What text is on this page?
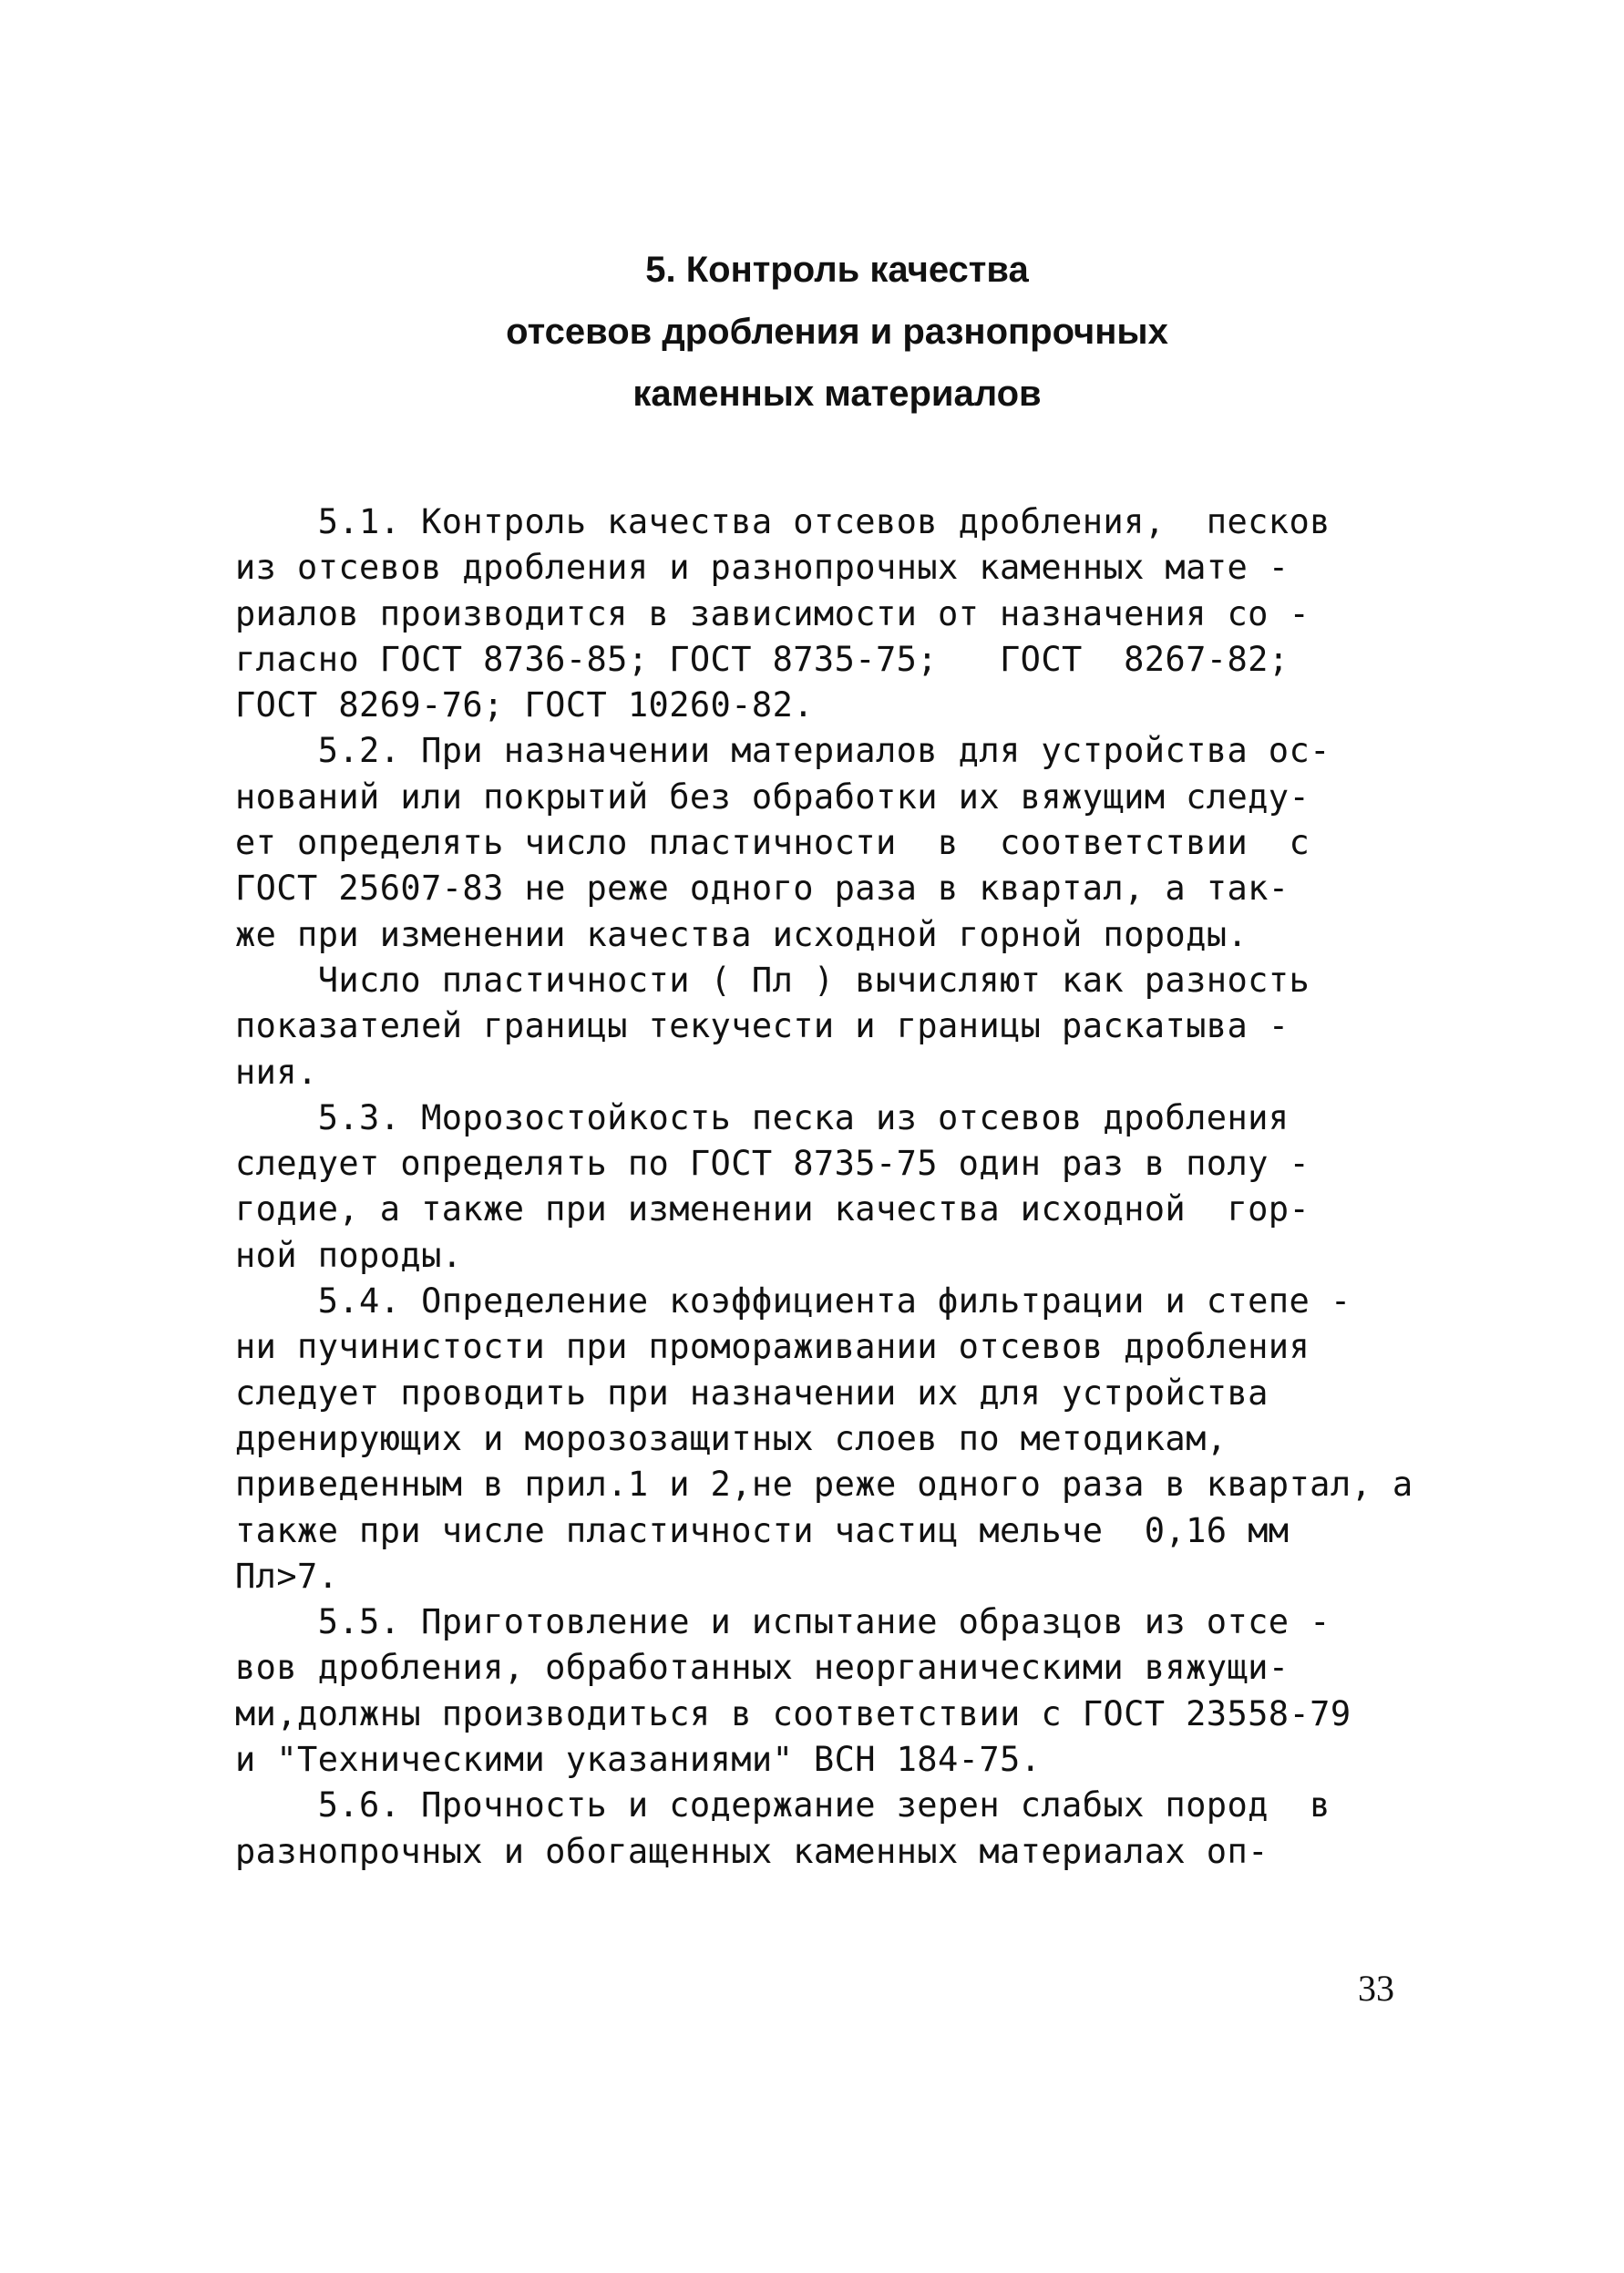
5. Контроль качества
отсевов дробления и разнопрочных
каменных материалов
5.1. Контроль качества отсевов дробления,  песков
из отсевов дробления и разнопрочных каменных мате -
риалов производится в зависимости от назначения со -
гласно ГОСТ 8736-85; ГОСТ 8735-75;   ГОСТ  8267-82;
ГОСТ 8269-76; ГОСТ 10260-82.
5.2. При назначении материалов для устройства ос-
нований или покрытий без обработки их вяжущим следу-
ет определять число пластичности  в  соответствии  с
ГОСТ 25607-83 не реже одного раза в квартал, а так-
же при изменении качества исходной горной породы.
Число пластичности ( Пл ) вычисляют как разность
показателей границы текучести и границы раскатыва -
ния.
5.3. Морозостойкость песка из отсевов дробления
следует определять по ГОСТ 8735-75 один раз в полу -
годие, а также при изменении качества исходной  гор-
ной породы.
5.4. Определение коэффициента фильтрации и степе -
ни пучинистости при промораживании отсевов дробления
следует проводить при назначении их для устройства
дренирующих и морозозащитных слоев по методикам,
приведенным в прил.1 и 2,не реже одного раза в квартал, а
также при числе пластичности частиц мельче  0,16 мм
Пл>7.
5.5. Приготовление и испытание образцов из отсе -
вов дробления, обработанных неорганическими вяжущи-
ми,должны производиться в соответствии с ГОСТ 23558-79
и "Техническими указаниями" ВСН 184-75.
5.6. Прочность и содержание зерен слабых пород  в
разнопрочных и обогащенных каменных материалах оп-
33
